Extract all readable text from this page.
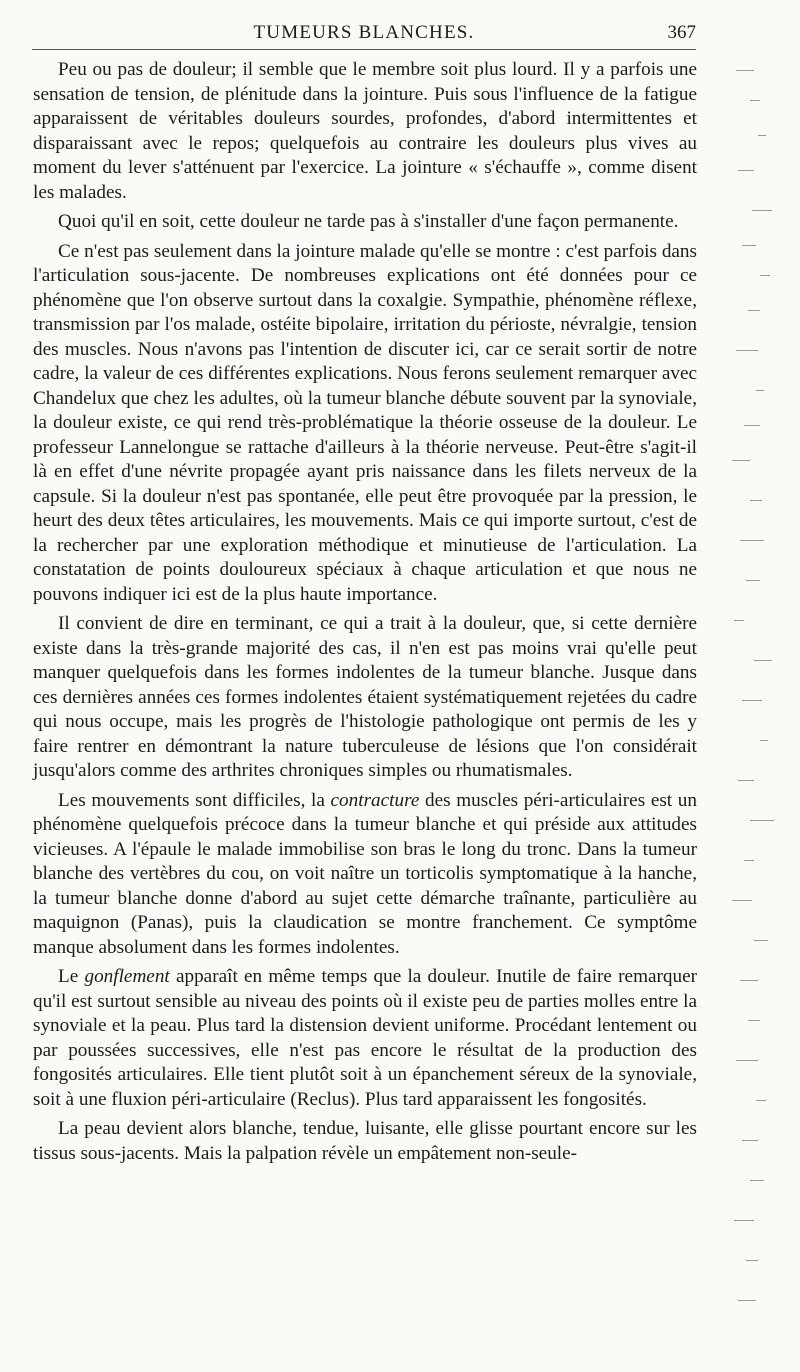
TUMEURS BLANCHES.	367

Peu ou pas de douleur; il semble que le membre soit plus lourd. Il y a parfois une sensation de tension, de plénitude dans la jointure. Puis sous l'influence de la fatigue apparaissent de véritables douleurs sourdes, profondes, d'abord intermittentes et disparaissant avec le repos; quelquefois au contraire les douleurs plus vives au moment du lever s'atténuent par l'exercice. La jointure « s'échauffe », comme disent les malades.

Quoi qu'il en soit, cette douleur ne tarde pas à s'installer d'une façon permanente.

Ce n'est pas seulement dans la jointure malade qu'elle se montre : c'est parfois dans l'articulation sous-jacente. De nombreuses explications ont été données pour ce phénomène que l'on observe surtout dans la coxalgie. Sympathie, phénomène réflexe, transmission par l'os malade, ostéite bipolaire, irritation du périoste, névralgie, tension des muscles. Nous n'avons pas l'intention de discuter ici, car ce serait sortir de notre cadre, la valeur de ces différentes explications. Nous ferons seulement remarquer avec Chandelux que chez les adultes, où la tumeur blanche débute souvent par la synoviale, la douleur existe, ce qui rend très-problématique la théorie osseuse de la douleur. Le professeur Lannelongue se rattache d'ailleurs à la théorie nerveuse. Peut-être s'agit-il là en effet d'une névrite propagée ayant pris naissance dans les filets nerveux de la capsule. Si la douleur n'est pas spontanée, elle peut être provoquée par la pression, le heurt des deux têtes articulaires, les mouvements. Mais ce qui importe surtout, c'est de la rechercher par une exploration méthodique et minutieuse de l'articulation. La constatation de points douloureux spéciaux à chaque articulation et que nous ne pouvons indiquer ici est de la plus haute importance.

Il convient de dire en terminant, ce qui a trait à la douleur, que, si cette dernière existe dans la très-grande majorité des cas, il n'en est pas moins vrai qu'elle peut manquer quelquefois dans les formes indolentes de la tumeur blanche. Jusque dans ces dernières années ces formes indolentes étaient systématiquement rejetées du cadre qui nous occupe, mais les progrès de l'histologie pathologique ont permis de les y faire rentrer en démontrant la nature tuberculeuse de lésions que l'on considérait jusqu'alors comme des arthrites chroniques simples ou rhumatismales.

Les mouvements sont difficiles, la contracture des muscles péri-articulaires est un phénomène quelquefois précoce dans la tumeur blanche et qui préside aux attitudes vicieuses. A l'épaule le malade immobilise son bras le long du tronc. Dans la tumeur blanche des vertèbres du cou, on voit naître un torticolis symptomatique à la hanche, la tumeur blanche donne d'abord au sujet cette démarche traînante, particulière au maquignon (Panas), puis la claudication se montre franchement. Ce symptôme manque absolument dans les formes indolentes.

Le gonflement apparaît en même temps que la douleur. Inutile de faire remarquer qu'il est surtout sensible au niveau des points où il existe peu de parties molles entre la synoviale et la peau. Plus tard la distension devient uniforme. Procédant lentement ou par poussées successives, elle n'est pas encore le résultat de la production des fongosités articulaires. Elle tient plutôt soit à un épanchement séreux de la synoviale, soit à une fluxion péri-articulaire (Reclus). Plus tard apparaissent les fongosités.

La peau devient alors blanche, tendue, luisante, elle glisse pourtant encore sur les tissus sous-jacents. Mais la palpation révèle un empâtement non-seule-
